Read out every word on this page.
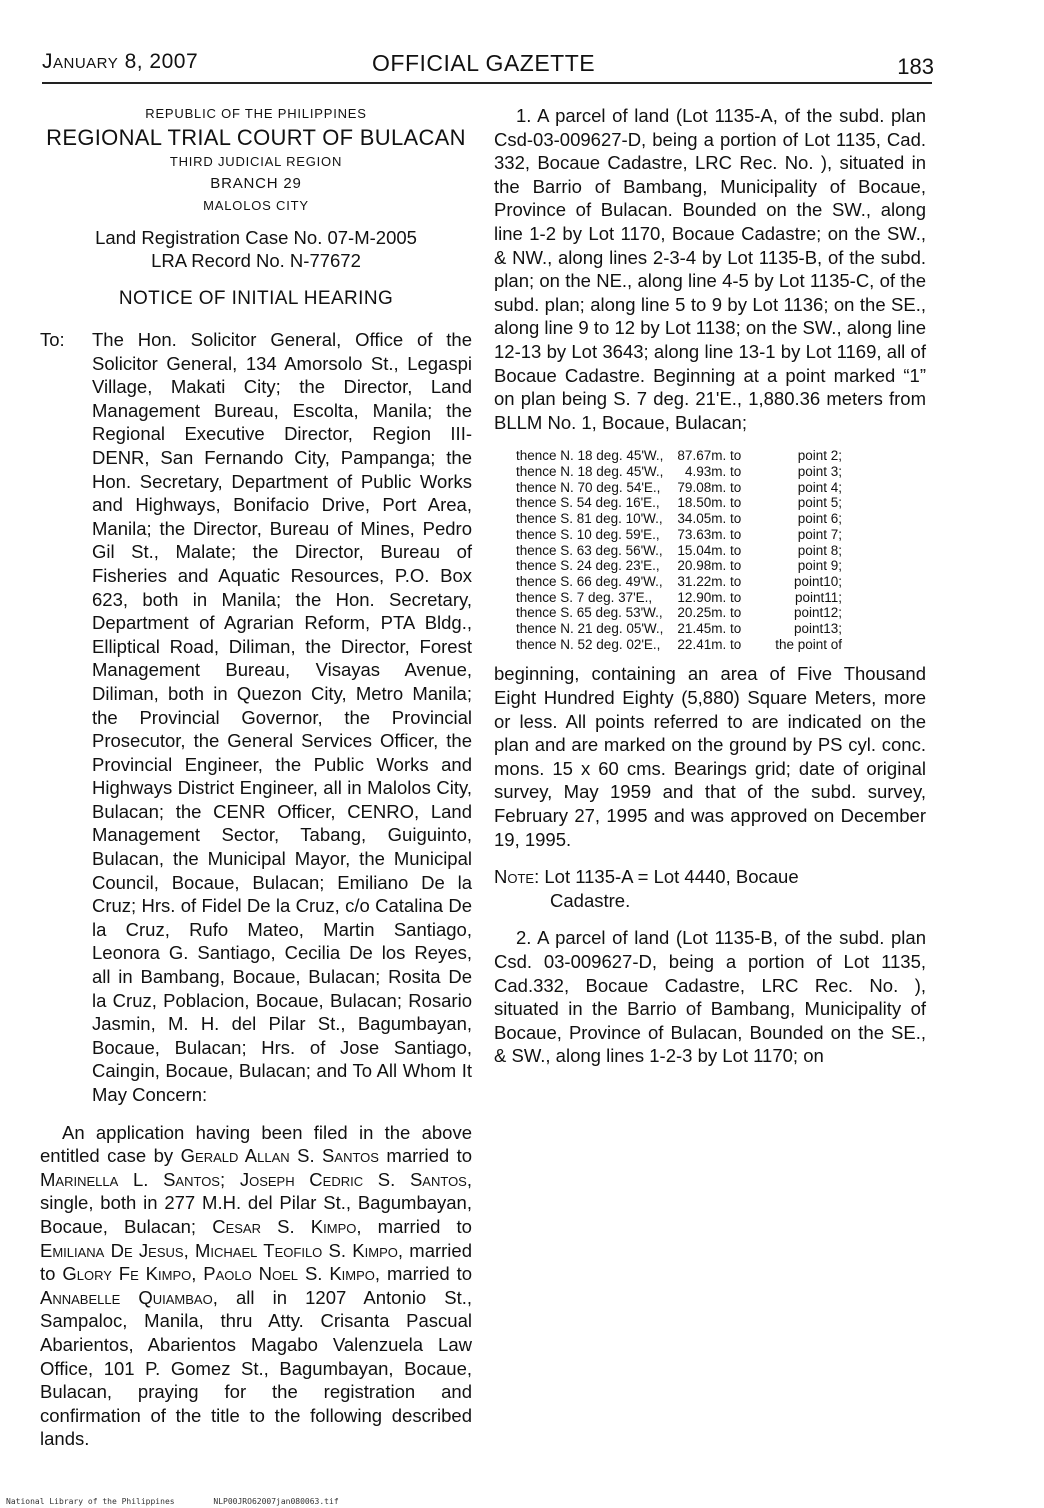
January 8, 2007	OFFICIAL GAZETTE	183
REPUBLIC OF THE PHILIPPINES
REGIONAL TRIAL COURT OF BULACAN
THIRD JUDICIAL REGION
BRANCH 29
MALOLOS CITY
Land Registration Case No. 07-M-2005
LRA Record No. N-77672
NOTICE OF INITIAL HEARING
To: The Hon. Solicitor General, Office of the Solicitor General, 134 Amorsolo St., Legaspi Village, Makati City; the Director, Land Management Bureau, Escolta, Manila; the Regional Executive Director, Region III-DENR, San Fernando City, Pampanga; the Hon. Secretary, Department of Public Works and Highways, Bonifacio Drive, Port Area, Manila; the Director, Bureau of Mines, Pedro Gil St., Malate; the Director, Bureau of Fisheries and Aquatic Resources, P.O. Box 623, both in Manila; the Hon. Secretary, Department of Agrarian Reform, PTA Bldg., Elliptical Road, Diliman, the Director, Forest Management Bureau, Visayas Avenue, Diliman, both in Quezon City, Metro Manila; the Provincial Governor, the Provincial Prosecutor, the General Services Officer, the Provincial Engineer, the Public Works and Highways District Engineer, all in Malolos City, Bulacan; the CENR Officer, CENRO, Land Management Sector, Tabang, Guiguinto, Bulacan, the Municipal Mayor, the Municipal Council, Bocaue, Bulacan; Emiliano De la Cruz; Hrs. of Fidel De la Cruz, c/o Catalina De la Cruz, Rufo Mateo, Martin Santiago, Leonora G. Santiago, Cecilia De los Reyes, all in Bambang, Bocaue, Bulacan; Rosita De la Cruz, Poblacion, Bocaue, Bulacan; Rosario Jasmin, M. H. del Pilar St., Bagumbayan, Bocaue, Bulacan; Hrs. of Jose Santiago, Caingin, Bocaue, Bulacan; and To All Whom It May Concern:

An application having been filed in the above entitled case by Gerald Allan S. Santos married to Marinella L. Santos; Joseph Cedric S. Santos, single, both in 277 M.H. del Pilar St., Bagumbayan, Bocaue, Bulacan; Cesar S. Kimpo, married to Emiliana De Jesus, Michael Teofilo S. Kimpo, married to Glory Fe Kimpo, Paolo Noel S. Kimpo, married to Annabelle Quiambao, all in 1207 Antonio St., Sampaloc, Manila, thru Atty. Crisanta Pascual Abarientos, Abarientos Magabo Valenzuela Law Office, 101 P. Gomez St., Bagumbayan, Bocaue, Bulacan, praying for the registration and confirmation of the title to the following described lands.

1. A parcel of land (Lot 1135-A, of the subd. plan Csd-03-009627-D, being a portion of Lot 1135, Cad. 332, Bocaue Cadastre, LRC Rec. No. ), situated in the Barrio of Bambang, Municipality of Bocaue, Province of Bulacan. Bounded on the SW., along line 1-2 by Lot 1170, Bocaue Cadastre; on the SW., & NW., along lines 2-3-4 by Lot 1135-B, of the subd. plan; on the NE., along line 4-5 by Lot 1135-C, of the subd. plan; along line 5 to 9 by Lot 1136; on the SE., along line 9 to 12 by Lot 1138; on the SW., along line 12-13 by Lot 3643; along line 13-1 by Lot 1169, all of Bocaue Cadastre. Beginning at a point marked “1” on plan being S. 7 deg. 21'E., 1,880.36 meters from BLLM No. 1, Bocaue, Bulacan;

thence N. 18 deg. 45'W.,	87.67m. to	point 2;
thence N. 18 deg. 45'W.,	4.93m. to	point 3;
thence N. 70 deg. 54'E.,	79.08m. to	point 4;
thence S. 54 deg. 16'E.,	18.50m. to	point 5;
thence S. 81 deg. 10'W.,	34.05m. to	point 6;
thence S. 10 deg. 59'E.,	73.63m. to	point 7;
thence S. 63 deg. 56'W.,	15.04m. to	point 8;
thence S. 24 deg. 23'E.,	20.98m. to	point 9;
thence S. 66 deg. 49'W.,	31.22m. to	point10;
thence S. 7 deg. 37'E.,	12.90m. to	point11;
thence S. 65 deg. 53'W.,	20.25m. to	point12;
thence N. 21 deg. 05'W.,	21.45m. to	point13;
thence N. 52 deg. 02'E.,	22.41m. to	the point of

beginning, containing an area of Five Thousand Eight Hundred Eighty (5,880) Square Meters, more or less. All points referred to are indicated on the plan and are marked on the ground by PS cyl. conc. mons. 15 x 60 cms. Bearings grid; date of original survey, May 1959 and that of the subd. survey, February 27, 1995 and was approved on December 19, 1995.

Note: Lot 1135-A = Lot 4440, Bocaue
Cadastre.

2. A parcel of land (Lot 1135-B, of the subd. plan Csd. 03-009627-D, being a portion of Lot 1135, Cad.332, Bocaue Cadastre, LRC Rec. No. ), situated in the Barrio of Bambang, Municipality of Bocaue, Province of Bulacan, Bounded on the SE., & SW., along lines 1-2-3 by Lot 1170; on

National Library of the Philippines	NLP00JRO62007jan080063.tif
